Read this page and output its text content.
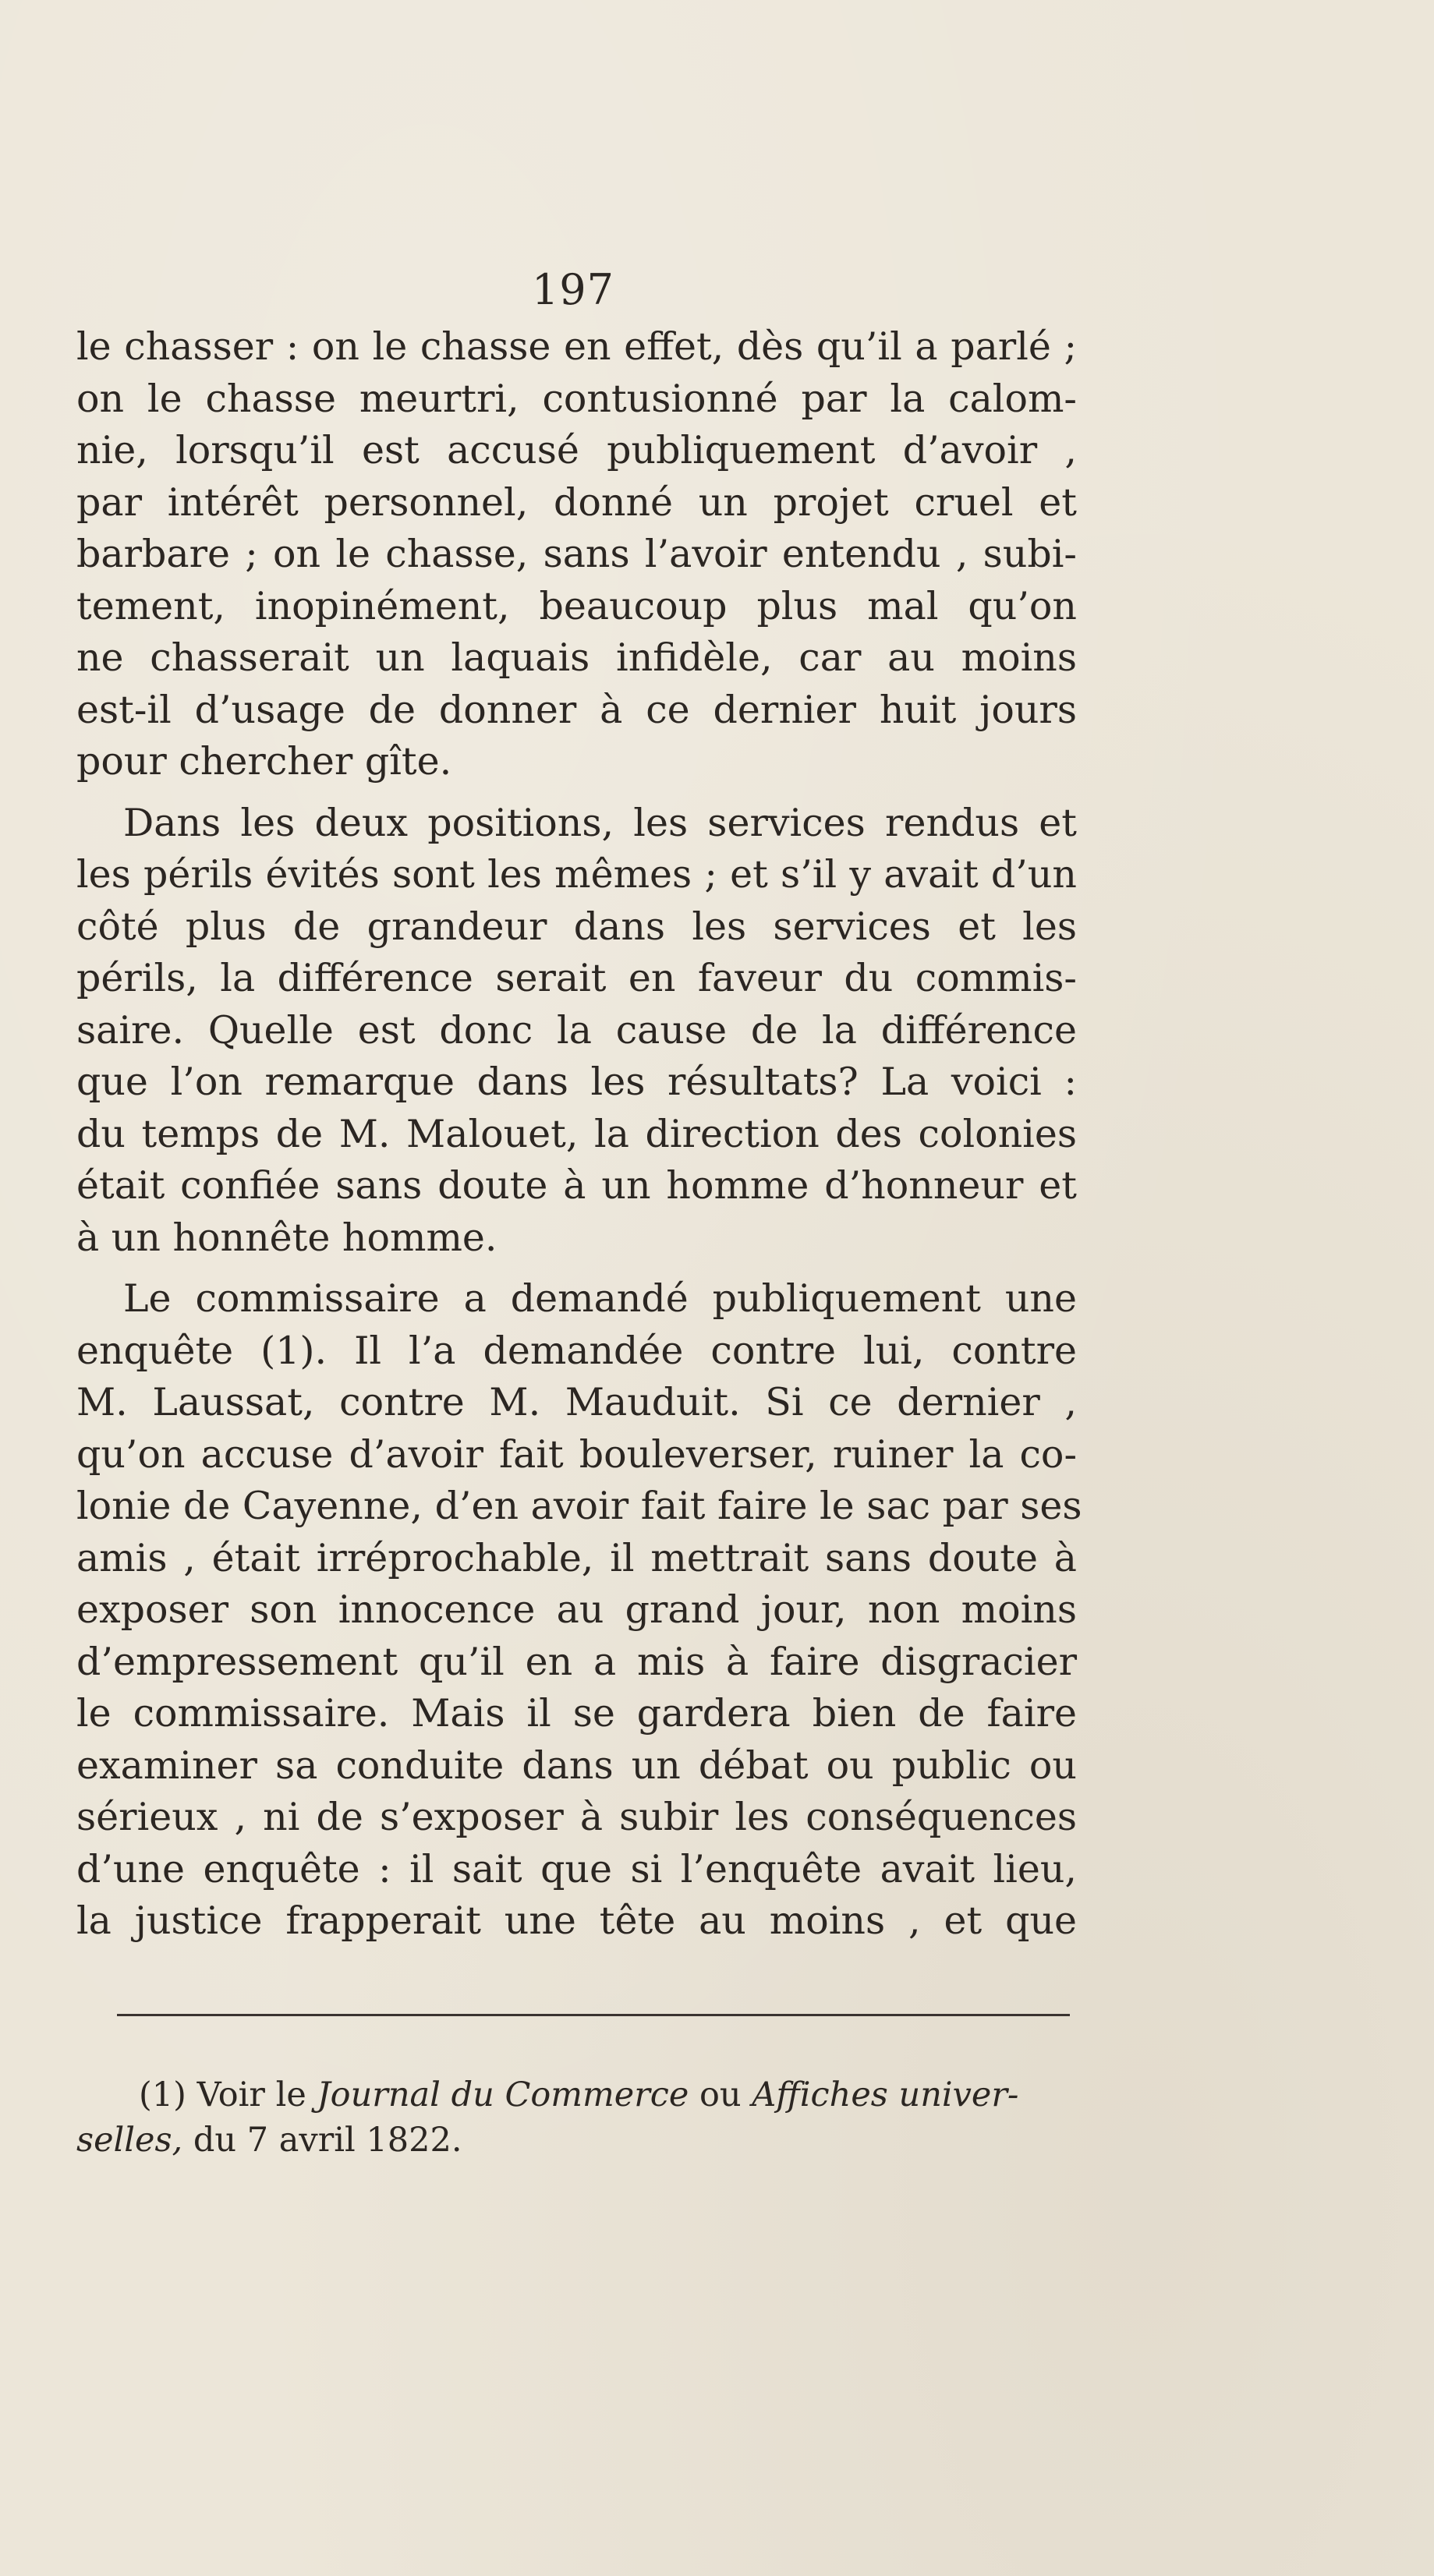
197
le chasser : on le chasse en effet, dès qu’il a parlé ;
on le chasse meurtri, contusionné par la calom-
nie, lorsqu’il est accusé publiquement d’avoir ,
par intérêt personnel, donné un projet cruel et
barbare ; on le chasse, sans l’avoir entendu , subi-
tement, inopinément, beaucoup plus mal qu’on
ne chasserait un laquais infidèle, car au moins
est-il d’usage de donner à ce dernier huit jours
pour chercher gîte.
Dans les deux positions, les services rendus et
les périls évités sont les mêmes ; et s’il y avait d’un
côté plus de grandeur dans les services et les
périls, la différence serait en faveur du commis-
saire. Quelle est donc la cause de la différence
que l’on remarque dans les résultats? La voici :
du temps de M. Malouet, la direction des colonies
était confiée sans doute à un homme d’honneur et
à un honnête homme.
Le commissaire a demandé publiquement une
enquête (1). Il l’a demandée contre lui, contre
M. Laussat, contre M. Mauduit. Si ce dernier ,
qu’on accuse d’avoir fait bouleverser, ruiner la co-
lonie de Cayenne, d’en avoir fait faire le sac par ses
amis , était irréprochable, il mettrait sans doute à
exposer son innocence au grand jour, non moins
d’empressement qu’il en a mis à faire disgracier
le commissaire. Mais il se gardera bien de faire
examiner sa conduite dans un débat ou public ou
sérieux , ni de s’exposer à subir les conséquences
d’une enquête : il sait que si l’enquête avait lieu,
la justice frapperait une tête au moins , et que
(1) Voir le Journal du Commerce ou Affiches univer-
selles, du 7 avril 1822.
